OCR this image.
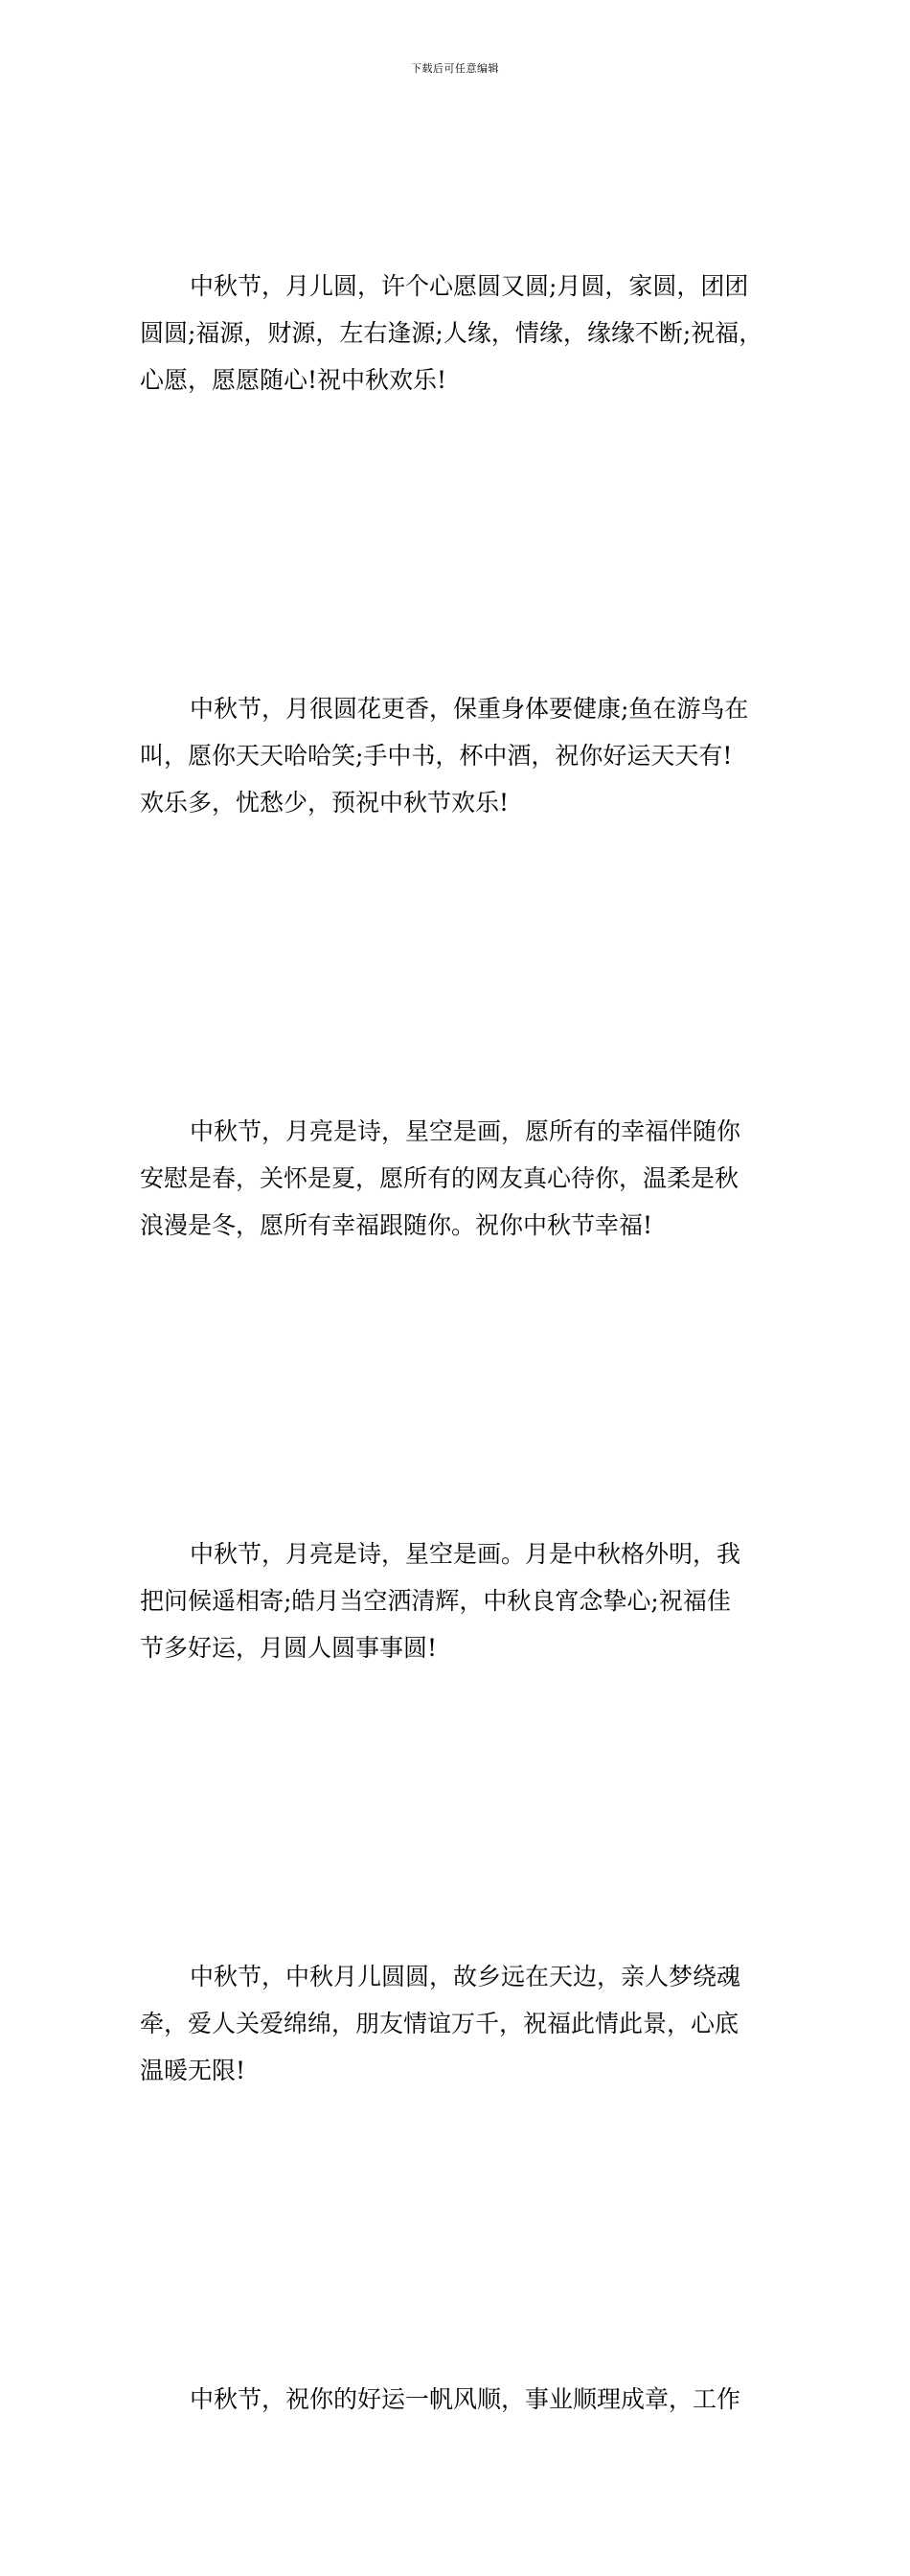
下载后可任意编辑

中秋节，月儿圆，许个心愿圆又圆;月圆，家圆，团团
圆圆;福源，财源，左右逢源;人缘，情缘，缘缘不断;祝福，
心愿，愿愿随心!祝中秋欢乐!

中秋节，月很圆花更香，保重身体要健康;鱼在游鸟在
叫，愿你天天哈哈笑;手中书，杯中酒，祝你好运天天有!
欢乐多，忧愁少，预祝中秋节欢乐!

中秋节，月亮是诗，星空是画，愿所有的幸福伴随你
安慰是春，关怀是夏，愿所有的网友真心待你，温柔是秋
浪漫是冬，愿所有幸福跟随你。祝你中秋节幸福!

中秋节，月亮是诗，星空是画。月是中秋格外明，我
把问候遥相寄;皓月当空洒清辉，中秋良宵念挚心;祝福佳
节多好运，月圆人圆事事圆!

中秋节，中秋月儿圆圆，故乡远在天边，亲人梦绕魂
牵，爱人关爱绵绵，朋友情谊万千，祝福此情此景，心底
温暖无限!

中秋节，祝你的好运一帆风顺，事业顺理成章，工作
